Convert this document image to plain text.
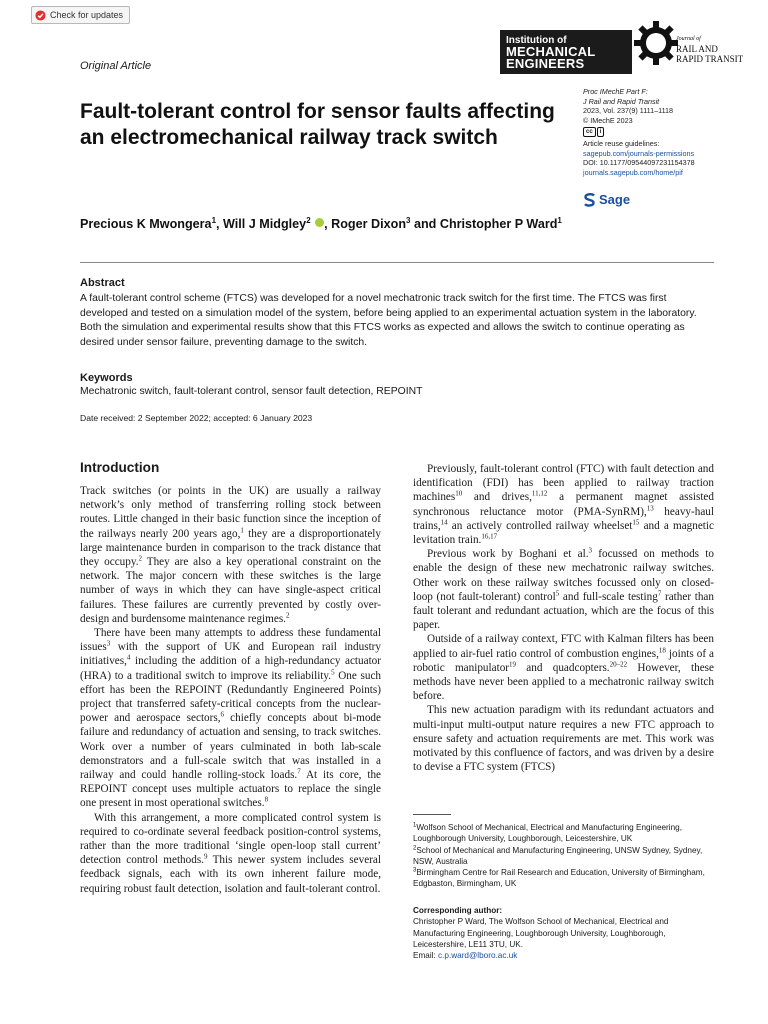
Check for updates
Original Article
Institution of
MECHANICAL
ENGINEERS
Journal of
RAIL AND
RAPID TRANSIT
Fault-tolerant control for sensor faults affecting an electromechanical railway track switch
Proc IMechE Part F:
J Rail and Rapid Transit
2023, Vol. 237(9) 1111–1118
© IMechE 2023
cc	i
Article reuse guidelines:
sagepub.com/journals-permissions
DOI: 10.1177/09544097231154378
journals.sagepub.com/home/pif
Sage
Precious K Mwongera$^1$, Will J Midgley$^2$ , Roger Dixon$^3$ and Christopher P Ward$^1$
Abstract
A fault-tolerant control scheme (FTCS) was developed for a novel mechatronic track switch for the first time. The FTCS was first developed and tested on a simulation model of the system, before being applied to an experimental actuation system in the laboratory. Both the simulation and experimental results show that this FTCS works as expected and allows the switch to continue operating as desired under sensor failure, preventing damage to the switch.
Keywords
Mechatronic switch, fault-tolerant control, sensor fault detection, REPOINT
Date received: 2 September 2022; accepted: 6 January 2023
Introduction

Track switches (or points in the UK) are usually a railway network’s only method of transferring rolling stock between routes. Little changed in their basic function since the inception of the railways nearly 200 years ago,$^1$ they are a disproportionately large maintenance burden in comparison to the track distance that they occupy.$^2$ They are also a key operational constraint on the network. The major concern with these switches is the large number of ways in which they can have single-aspect critical failures. These failures are currently prevented by costly over-design and burdensome maintenance regimes.$^2$

There have been many attempts to address these fundamental issues$^3$ with the support of UK and European rail industry initiatives,$^4$ including the addition of a high-redundancy actuator (HRA) to a traditional switch to improve its reliability.$^5$ One such effort has been the REPOINT (Redundantly Engineered Points) project that transferred safety-critical concepts from the nuclear-power and aerospace sectors,$^6$ chiefly concepts about bi-mode failure and redundancy of actuation and sensing, to track switches. Work over a number of years culminated in both lab-scale demonstrators and a full-scale switch that was installed in a railway and could handle rolling-stock loads.$^7$ At its core, the REPOINT concept uses multiple actuators to replace the single one present in most operational switches.$^8$

With this arrangement, a more complicated control system is required to co-ordinate several feedback position-control systems, rather than the more traditional ‘single open-loop stall current’ detection control methods.$^9$ This newer system includes several feedback signals, each with its own inherent failure mode, requiring robust fault detection, isolation and fault-tolerant control.

Previously, fault-tolerant control (FTC) with fault detection and identification (FDI) has been applied to railway traction machines$^{10}$ and drives,$^{11,12}$ a permanent magnet assisted synchronous reluctance motor (PMA-SynRM),$^{13}$ heavy-haul trains,$^{14}$ an actively controlled railway wheelset$^{15}$ and a magnetic levitation train.$^{16,17}$

Previous work by Boghani et al.$^3$ focussed on methods to enable the design of these new mechatronic railway switches. Other work on these railway switches focussed only on closed-loop (not fault-tolerant) control$^5$ and full-scale testing$^7$ rather than fault tolerant and redundant actuation, which are the focus of this paper.

Outside of a railway context, FTC with Kalman filters has been applied to air-fuel ratio control of combustion engines,$^{18}$ joints of a robotic manipulator$^{19}$ and quadcopters.$^{20-22}$ However, these methods have never been applied to a mechatronic railway switch before.

This new actuation paradigm with its redundant actuators and multi-input multi-output nature requires a new FTC approach to ensure safety and actuation requirements are met. This work was motivated by this confluence of factors, and was driven by a desire to devise a FTC system (FTCS)

$^1$Wolfson School of Mechanical, Electrical and Manufacturing Engineering, Loughborough University, Loughborough, Leicestershire, UK

$^2$School of Mechanical and Manufacturing Engineering, UNSW Sydney, Sydney, NSW, Australia

$^3$Birmingham Centre for Rail Research and Education, University of Birmingham, Edgbaston, Birmingham, UK

Corresponding author:
Christopher P Ward, The Wolfson School of Mechanical, Electrical and Manufacturing Engineering, Loughborough University, Loughborough, Leicestershire, LE11 3TU, UK.
Email: c.p.ward@lboro.ac.uk
